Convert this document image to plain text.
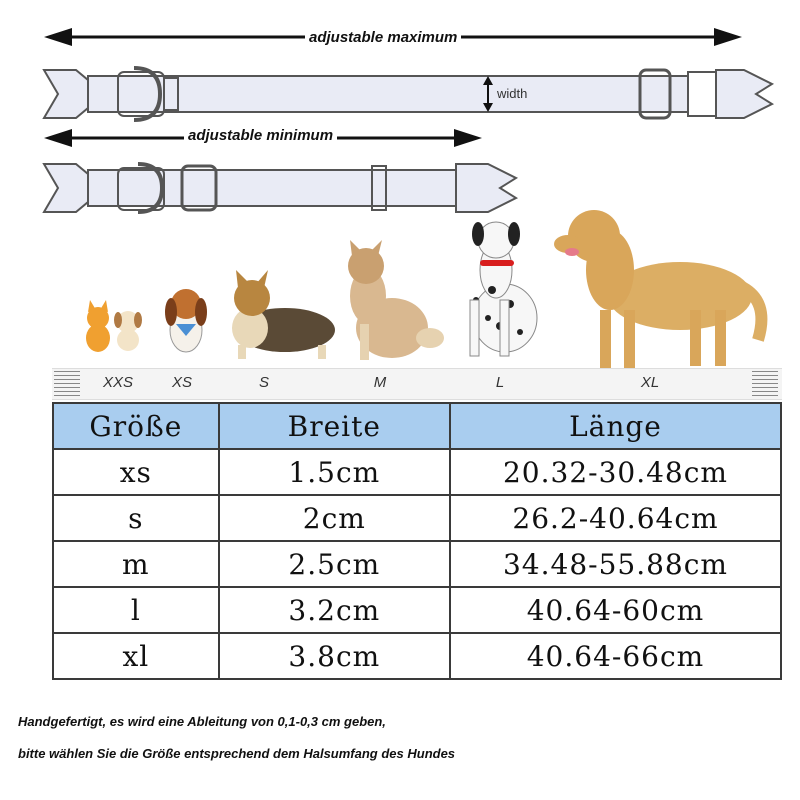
adjustable maximum
width
adjustable minimum
XXS	XS	S	M	L	XL
Größe	Breite	Länge
xs	1.5cm	20.32-30.48cm
s	2cm	26.2-40.64cm
m	2.5cm	34.48-55.88cm
l	3.2cm	40.64-60cm
xl	3.8cm	40.64-66cm
Handgefertigt, es wird eine Ableitung von 0,1-0,3 cm geben,
bitte wählen Sie die Größe entsprechend dem Halsumfang des Hundes
